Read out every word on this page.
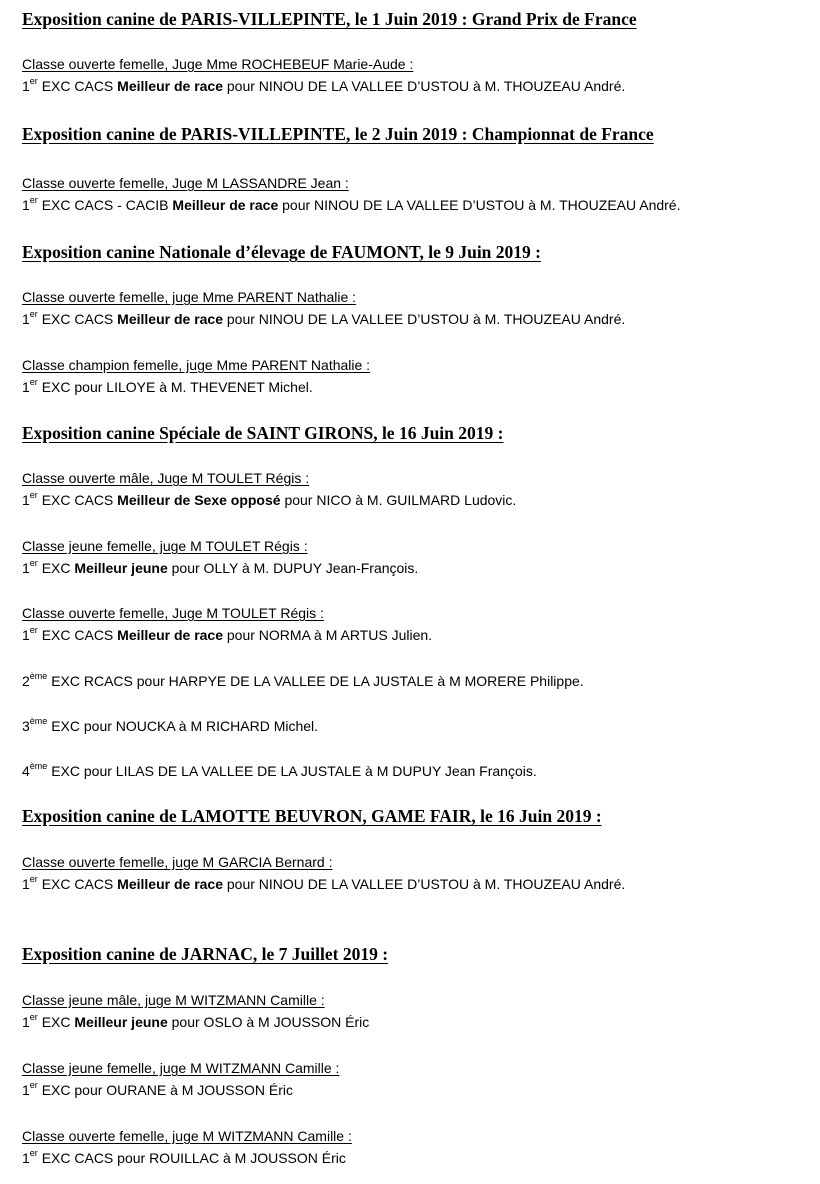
Exposition canine de PARIS-VILLEPINTE, le 1 Juin 2019 : Grand Prix de France
Classe ouverte femelle, Juge Mme ROCHEBEUF Marie-Aude :
1er EXC CACS Meilleur de race pour NINOU DE LA VALLEE D’USTOU à M. THOUZEAU André.
Exposition canine de PARIS-VILLEPINTE, le 2 Juin 2019 : Championnat de France
Classe ouverte femelle, Juge M LASSANDRE Jean :
1er EXC CACS - CACIB Meilleur de race pour NINOU DE LA VALLEE D’USTOU à M. THOUZEAU André.
Exposition canine Nationale d’élevage de FAUMONT, le 9 Juin 2019 :
Classe ouverte femelle, juge Mme PARENT Nathalie :
1er EXC CACS Meilleur de race pour NINOU DE LA VALLEE D’USTOU à M. THOUZEAU André.
Classe champion femelle, juge Mme PARENT Nathalie :
1er EXC pour LILOYE à M. THEVENET Michel.
Exposition canine Spéciale de SAINT GIRONS, le 16 Juin 2019 :
Classe ouverte mâle, Juge M TOULET Régis :
1er EXC CACS Meilleur de Sexe opposé pour NICO à M. GUILMARD Ludovic.
Classe jeune femelle, juge M TOULET Régis :
1er EXC Meilleur jeune pour OLLY à M. DUPUY Jean-François.
Classe ouverte femelle, Juge M TOULET Régis :
1er EXC CACS Meilleur de race pour NORMA à M ARTUS Julien.
2ème EXC RCACS pour HARPYE DE LA VALLEE DE LA JUSTALE à M MORERE Philippe.
3ème EXC pour NOUCKA à M RICHARD Michel.
4ème EXC pour LILAS DE LA VALLEE DE LA JUSTALE à M DUPUY Jean François.
Exposition canine de LAMOTTE BEUVRON, GAME FAIR, le 16 Juin 2019 :
Classe ouverte femelle, juge M GARCIA Bernard :
1er EXC CACS Meilleur de race pour NINOU DE LA VALLEE D’USTOU à M. THOUZEAU André.
Exposition canine de JARNAC, le 7 Juillet 2019 :
Classe jeune mâle, juge M WITZMANN Camille :
1er EXC Meilleur jeune pour OSLO à M JOUSSON Éric
Classe jeune femelle, juge M WITZMANN Camille :
1er EXC pour OURANE à M JOUSSON Éric
Classe ouverte femelle, juge M WITZMANN Camille :
1er EXC CACS pour ROUILLAC à M JOUSSON Éric
